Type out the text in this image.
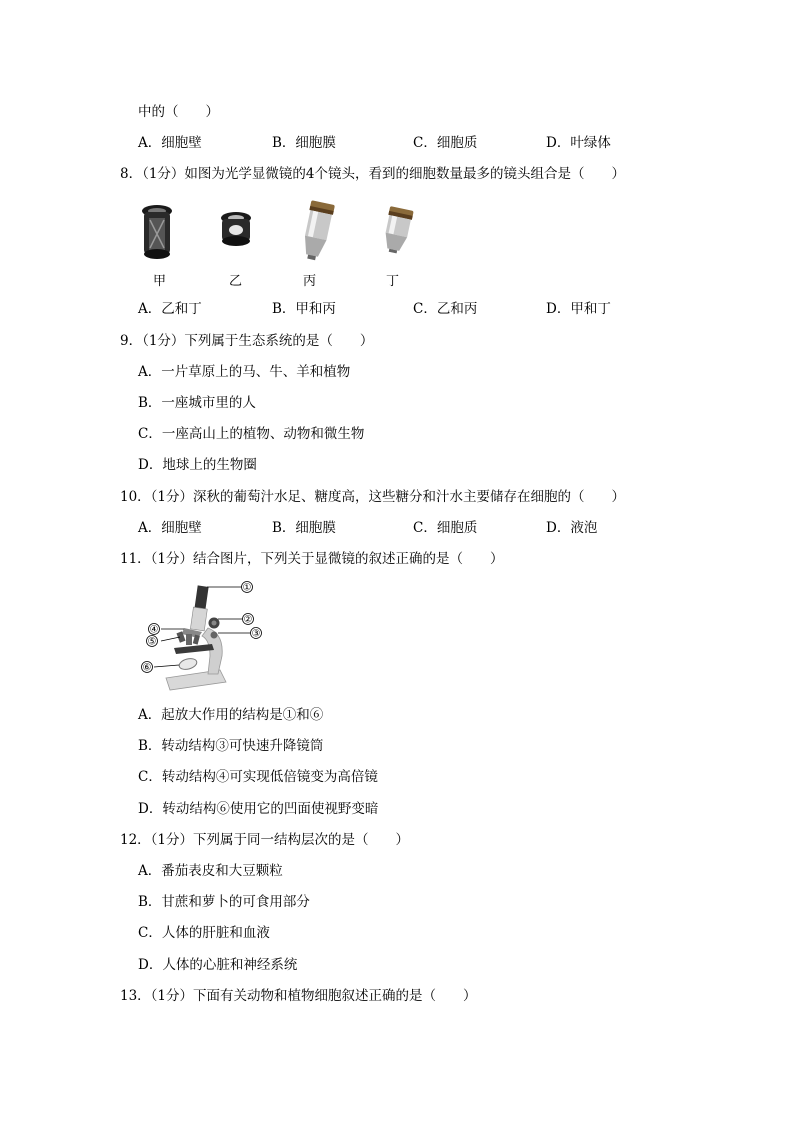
中的（　　）
A．细胞壁	B．细胞膜	C．细胞质	D．叶绿体
8．（1分）如图为光学显微镜的4个镜头，看到的细胞数量最多的镜头组合是（　　）
甲	乙	丙	丁
A．乙和丁	B．甲和丙	C．乙和丙	D．甲和丁
9．（1分）下列属于生态系统的是（　　）
A．一片草原上的马、牛、羊和植物
B．一座城市里的人
C．一座高山上的植物、动物和微生物
D．地球上的生物圈
10．（1分）深秋的葡萄汁水足、糖度高，这些糖分和汁水主要储存在细胞的（　　）
A．细胞壁	B．细胞膜	C．细胞质	D．液泡
11．（1分）结合图片，下列关于显微镜的叙述正确的是（　　）
①
②
③
④
⑤
⑥
A．起放大作用的结构是①和⑥
B．转动结构③可快速升降镜筒
C．转动结构④可实现低倍镜变为高倍镜
D．转动结构⑥使用它的凹面使视野变暗
12．（1分）下列属于同一结构层次的是（　　）
A．番茄表皮和大豆颗粒
B．甘蔗和萝卜的可食用部分
C．人体的肝脏和血液
D．人体的心脏和神经系统
13．（1分）下面有关动物和植物细胞叙述正确的是（　　）
